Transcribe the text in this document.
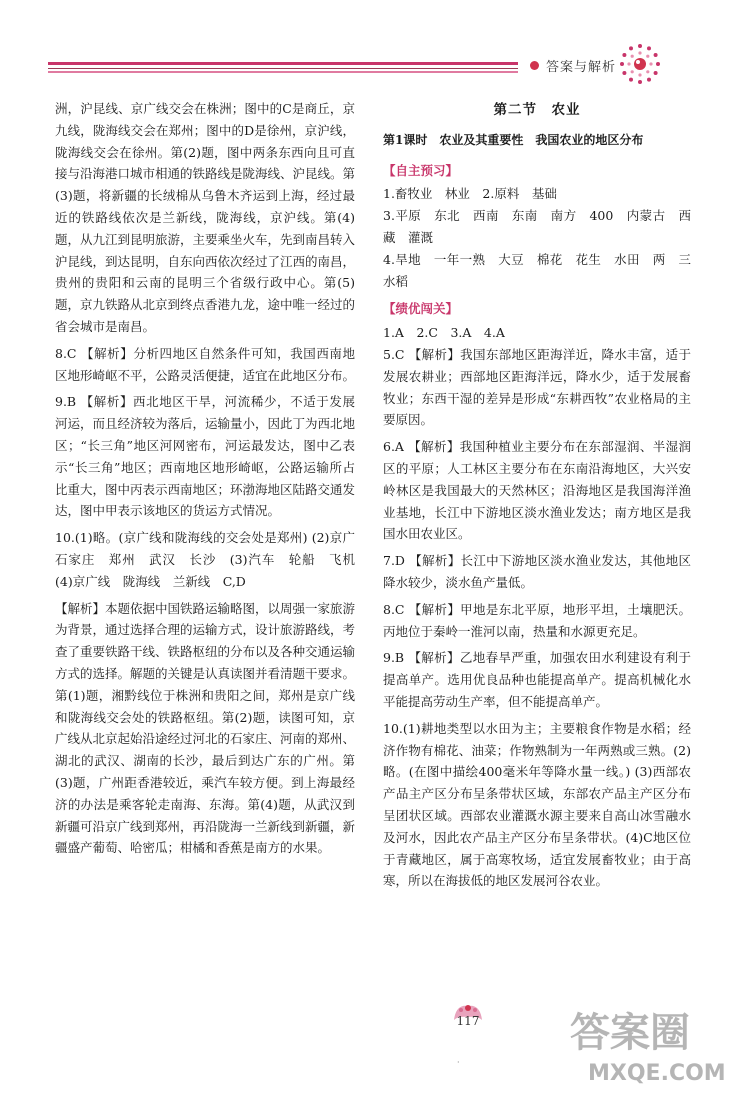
答案与解析

洲，沪昆线、京广线交会在株洲；图中的C是商丘，京九线，陇海线交会在郑州；图中的D是徐州，京沪线，陇海线交会在徐州。第(2)题，图中两条东西向且可直接与沿海港口城市相通的铁路线是陇海线、沪昆线。第(3)题，将新疆的长绒棉从乌鲁木齐运到上海，经过最近的铁路线依次是兰新线，陇海线，京沪线。第(4)题，从九江到昆明旅游，主要乘坐火车，先到南昌转入沪昆线，到达昆明，自东向西依次经过了江西的南昌，贵州的贵阳和云南的昆明三个省级行政中心。第(5)题，京九铁路从北京到终点香港九龙，途中唯一经过的省会城市是南昌。

8.C 【解析】分析四地区自然条件可知，我国西南地区地形崎岖不平，公路灵活便捷，适宜在此地区分布。

9.B 【解析】西北地区干旱，河流稀少，不适于发展河运，而且经济较为落后，运输量小，因此丁为西北地区；“长三角”地区河网密布，河运最发达，图中乙表示“长三角”地区；西南地区地形崎岖，公路运输所占比重大，图中丙表示西南地区；环渤海地区陆路交通发达，图中甲表示该地区的货运方式情况。

10.(1)略。(京广线和陇海线的交会处是郑州) (2)京广　石家庄　郑州　武汉　长沙　(3)汽车　轮船　飞机　(4)京广线　陇海线　兰新线　C,D

【解析】本题依据中国铁路运输略图，以周强一家旅游为背景，通过选择合理的运输方式，设计旅游路线，考查了重要铁路干线、铁路枢纽的分布以及各种交通运输方式的选择。解题的关键是认真读图并看清题干要求。第(1)题，湘黔线位于株洲和贵阳之间，郑州是京广线和陇海线交会处的铁路枢纽。第(2)题，读图可知，京广线从北京起始沿途经过河北的石家庄、河南的郑州、湖北的武汉、湖南的长沙，最后到达广东的广州。第(3)题，广州距香港较近，乘汽车较方便。到上海最经济的办法是乘客轮走南海、东海。第(4)题，从武汉到新疆可沿京广线到郑州，再沿陇海一兰新线到新疆，新疆盛产葡萄、哈密瓜；柑橘和香蕉是南方的水果。

第二节　农业

第1课时　农业及其重要性　我国农业的地区分布

【自主预习】

1.畜牧业　林业　2.原料　基础

3.平原　东北　西南　东南　南方　400　内蒙古　西藏　灌溉

4.旱地　一年一熟　大豆　棉花　花生　水田　两　三　水稻

【绩优闯关】

1.A　2.C　3.A　4.A

5.C 【解析】我国东部地区距海洋近，降水丰富，适于发展农耕业；西部地区距海洋远，降水少，适于发展畜牧业；东西干湿的差异是形成“东耕西牧”农业格局的主要原因。

6.A 【解析】我国种植业主要分布在东部湿润、半湿润区的平原；人工林区主要分布在东南沿海地区，大兴安岭林区是我国最大的天然林区；沿海地区是我国海洋渔业基地，长江中下游地区淡水渔业发达；南方地区是我国水田农业区。

7.D 【解析】长江中下游地区淡水渔业发达，其他地区降水较少，淡水鱼产量低。

8.C 【解析】甲地是东北平原，地形平坦，土壤肥沃。丙地位于秦岭一淮河以南，热量和水源更充足。

9.B 【解析】乙地春旱严重，加强农田水利建设有利于提高单产。选用优良品种也能提高单产。提高机械化水平能提高劳动生产率，但不能提高单产。

10.(1)耕地类型以水田为主；主要粮食作物是水稻；经济作物有棉花、油菜；作物熟制为一年两熟或三熟。(2)略。(在图中描绘400毫米年等降水量一线。) (3)西部农产品主产区分布呈条带状区域，东部农产品主产区分布呈团状区域。西部农业灌溉水源主要来自高山冰雪融水及河水，因此农产品主产区分布呈条带状。(4)C地区位于青藏地区，属于高寒牧场，适宜发展畜牧业；由于高寒，所以在海拔低的地区发展河谷农业。

117
·
答案圈
MXQE.COM
